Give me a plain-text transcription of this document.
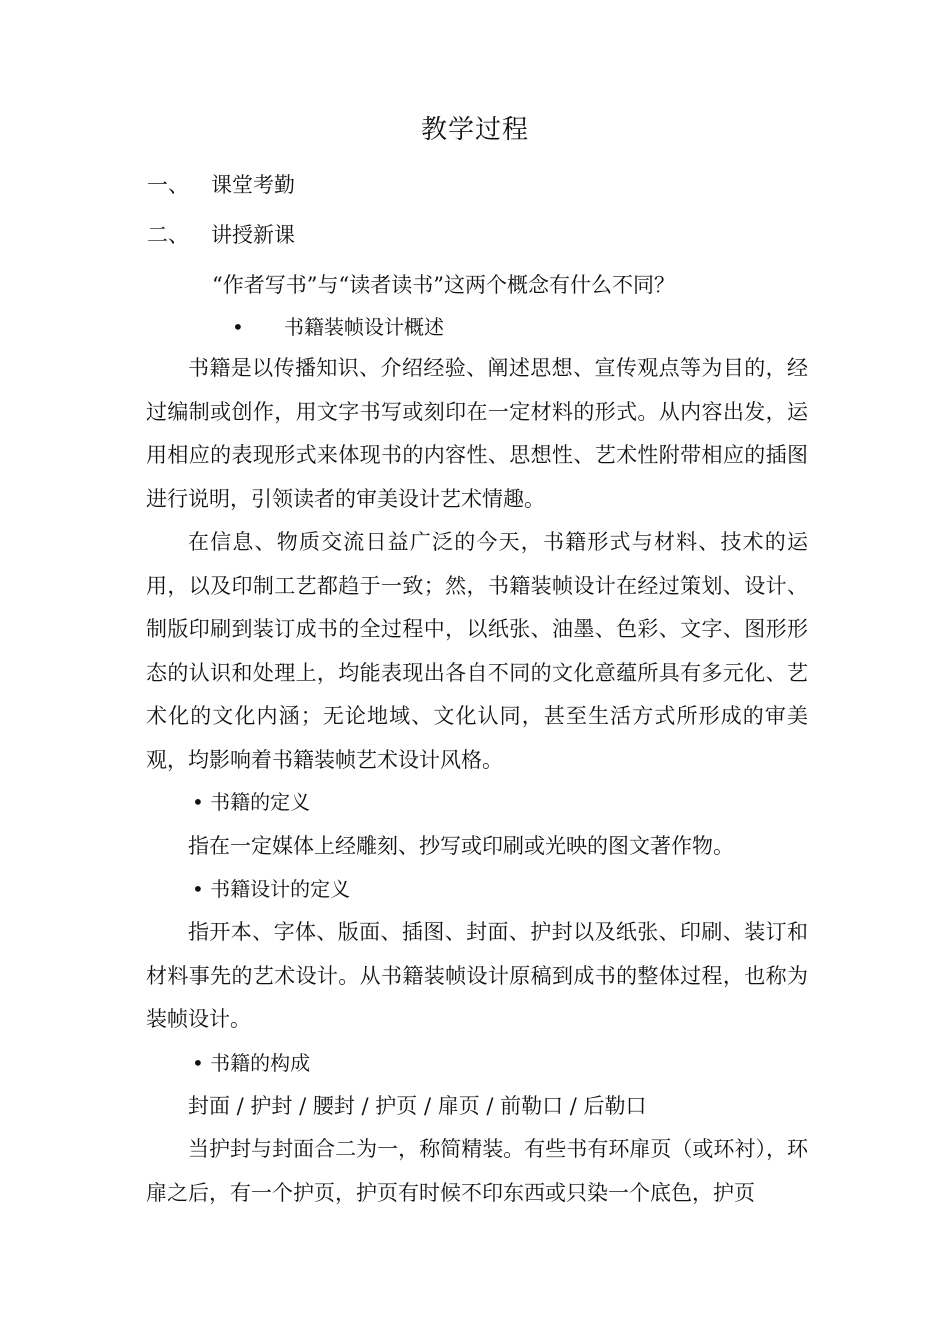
教学过程
一、 课堂考勤
二、 讲授新课
“作者写书”与“读者读书”这两个概念有什么不同？
• 书籍装帧设计概述

书籍是以传播知识、介绍经验、阐述思想、宣传观点等为目的，经过编制或创作，用文字书写或刻印在一定材料的形式。从内容出发，运用相应的表现形式来体现书的内容性、思想性、艺术性附带相应的插图进行说明，引领读者的审美设计艺术情趣。

在信息、物质交流日益广泛的今天，书籍形式与材料、技术的运用，以及印制工艺都趋于一致；然，书籍装帧设计在经过策划、设计、制版印刷到装订成书的全过程中，以纸张、油墨、色彩、文字、图形形态的认识和处理上，均能表现出各自不同的文化意蕴所具有多元化、艺术化的文化内涵；无论地域、文化认同，甚至生活方式所形成的审美观，均影响着书籍装帧艺术设计风格。

• 书籍的定义
指在一定媒体上经雕刻、抄写或印刷或光映的图文著作物。
• 书籍设计的定义

指开本、字体、版面、插图、封面、护封以及纸张、印刷、装订和材料事先的艺术设计。从书籍装帧设计原稿到成书的整体过程，也称为装帧设计。

• 书籍的构成
封面 / 护封 / 腰封 / 护页 / 扉页 / 前勒口 / 后勒口

当护封与封面合二为一，称简精装。有些书有环扉页（或环衬），环扉之后，有一个护页，护页有时候不印东西或只染一个底色，护页
